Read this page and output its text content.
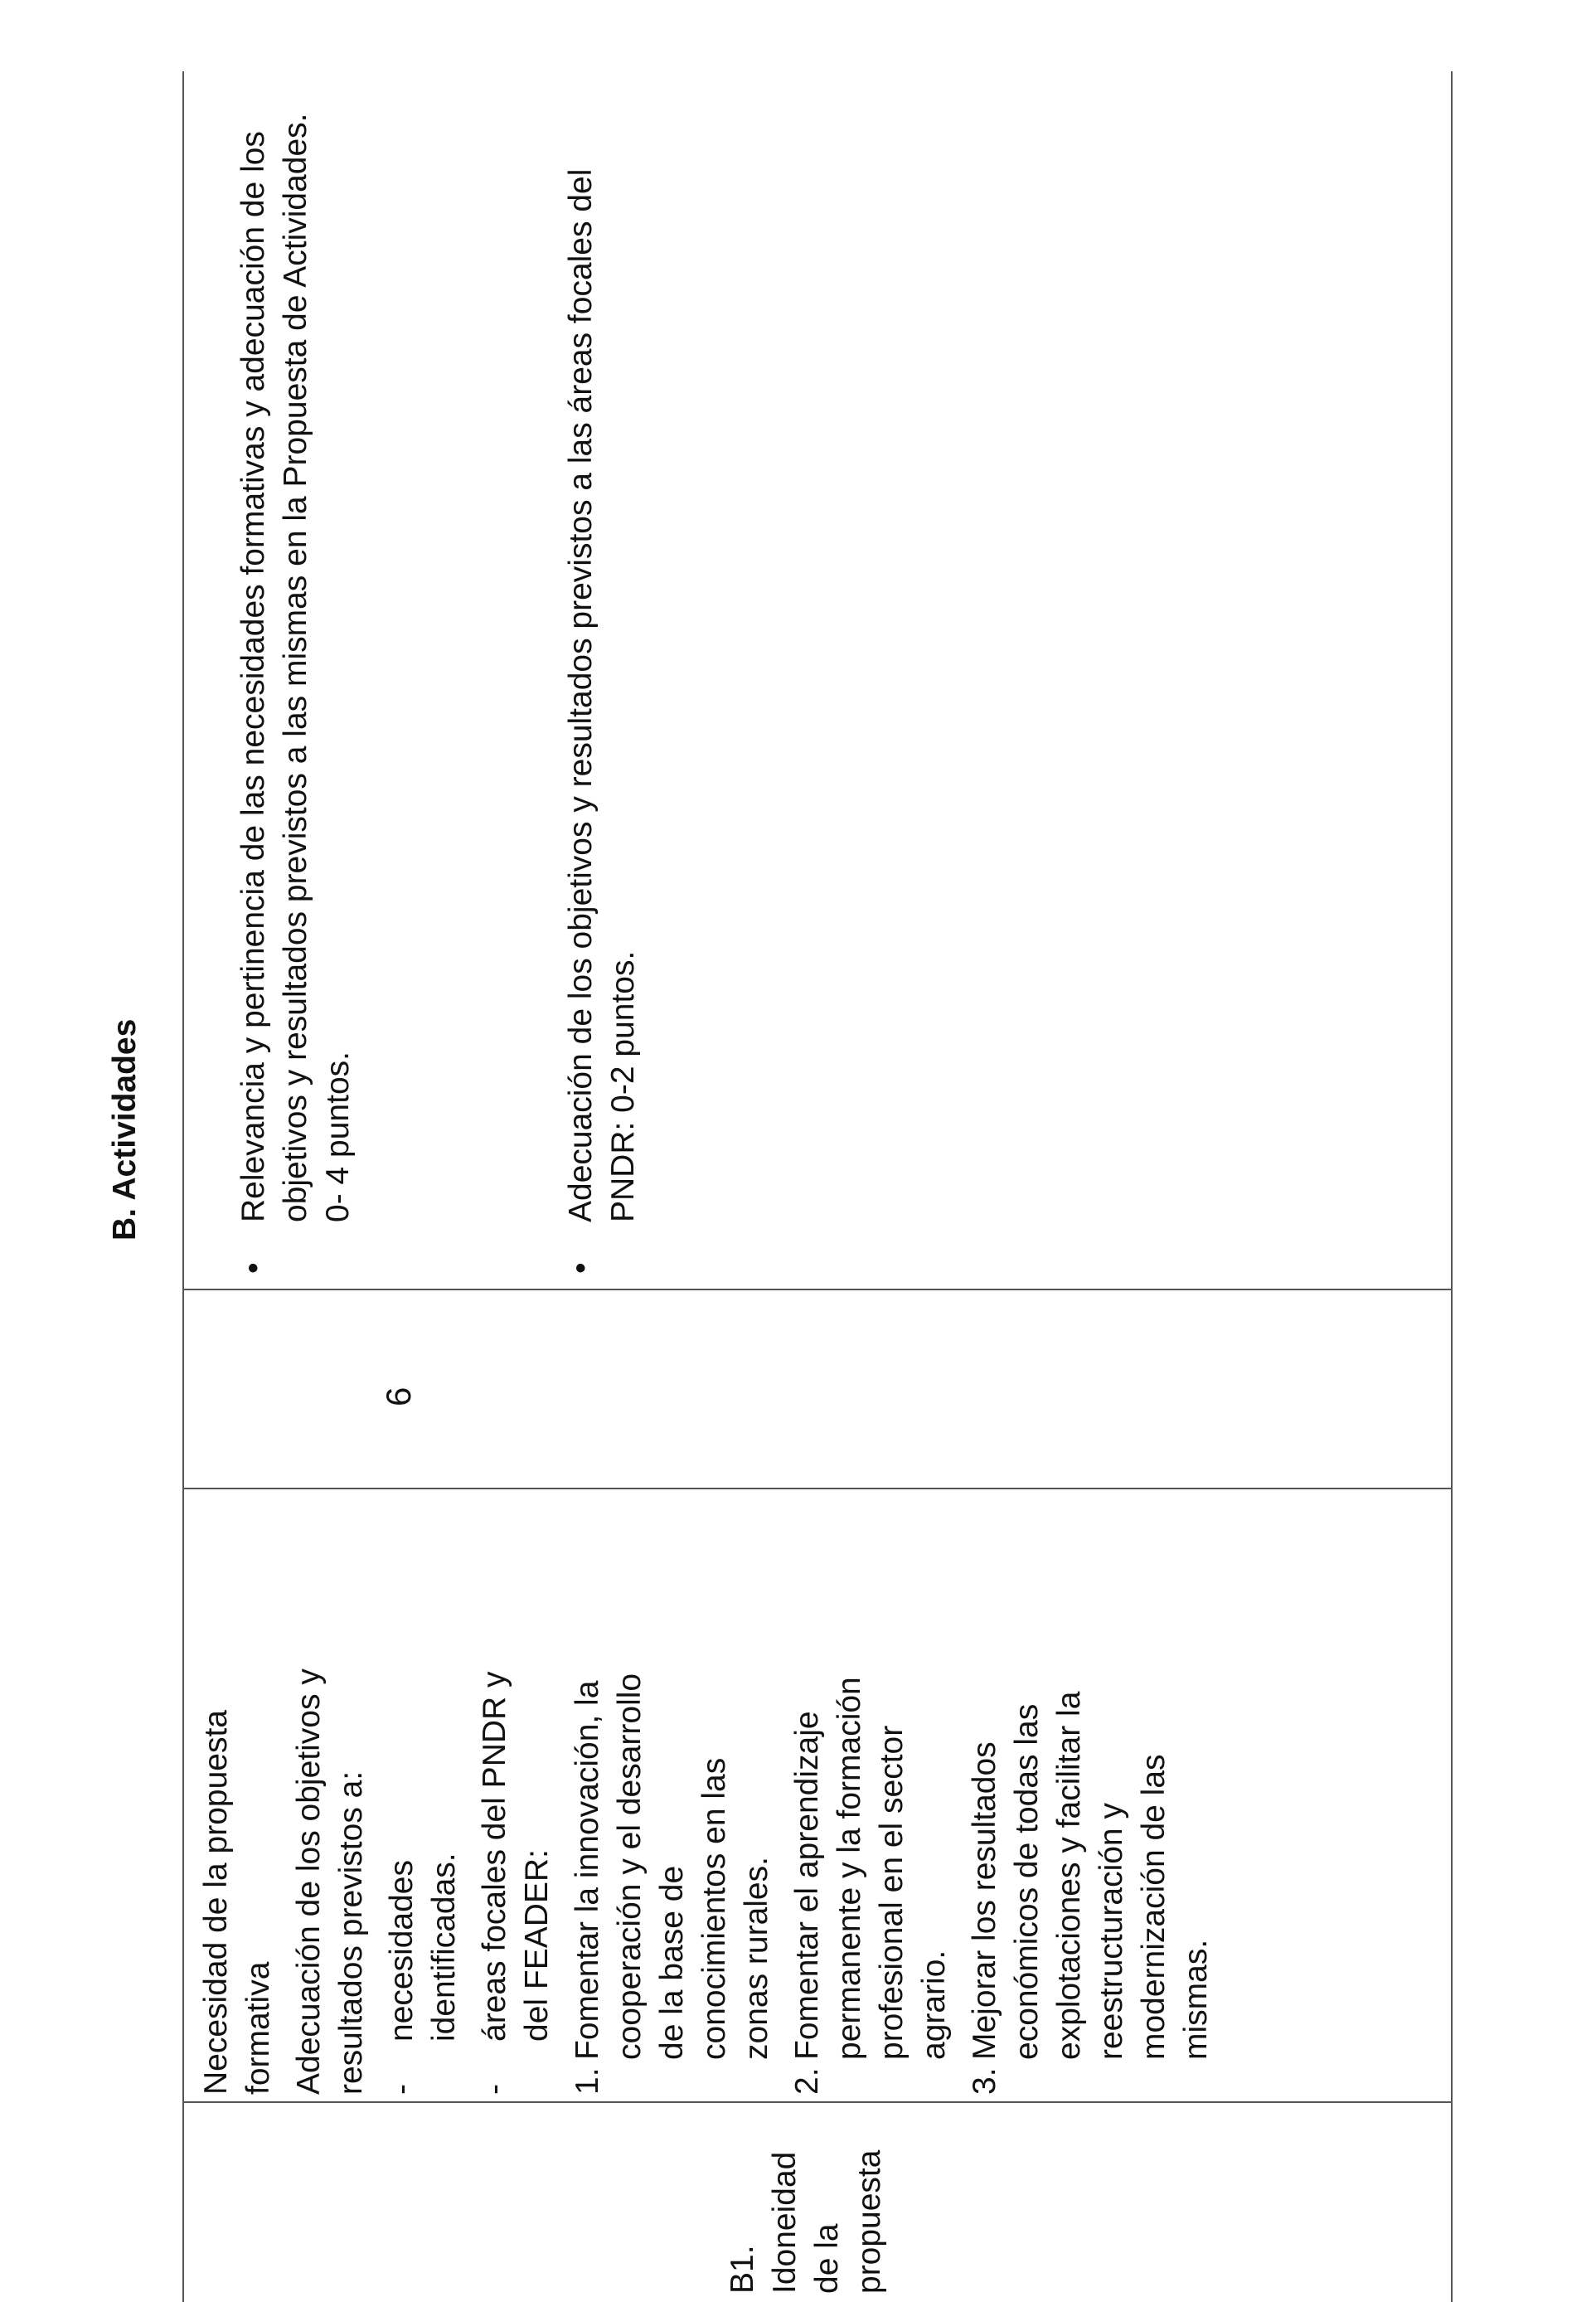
B. Actividades
B1. Idoneidad de la propuesta

Necesidad de la propuesta formativa Adecuación de los objetivos y resultados previstos a: -
necesidades identificadas.
-
áreas focales del PNDR y del FEADER:
1.
Fomentar la innovación, la cooperación y el desarrollo de la base de conocimientos en las zonas rurales.
2.
Fomentar el aprendizaje permanente y la formación profesional en el sector agrario.
3.
Mejorar los resultados económicos de todas las explotaciones y facilitar la reestructuración y modernización de las mismas.
6
•
Relevancia y pertinencia de las necesidades formativas y adecuación de los objetivos y resultados previstos a las mismas en la Propuesta de Actividades. 0- 4 puntos.
•
Adecuación de los objetivos y resultados previstos a las áreas focales del PNDR: 0-2 puntos.
